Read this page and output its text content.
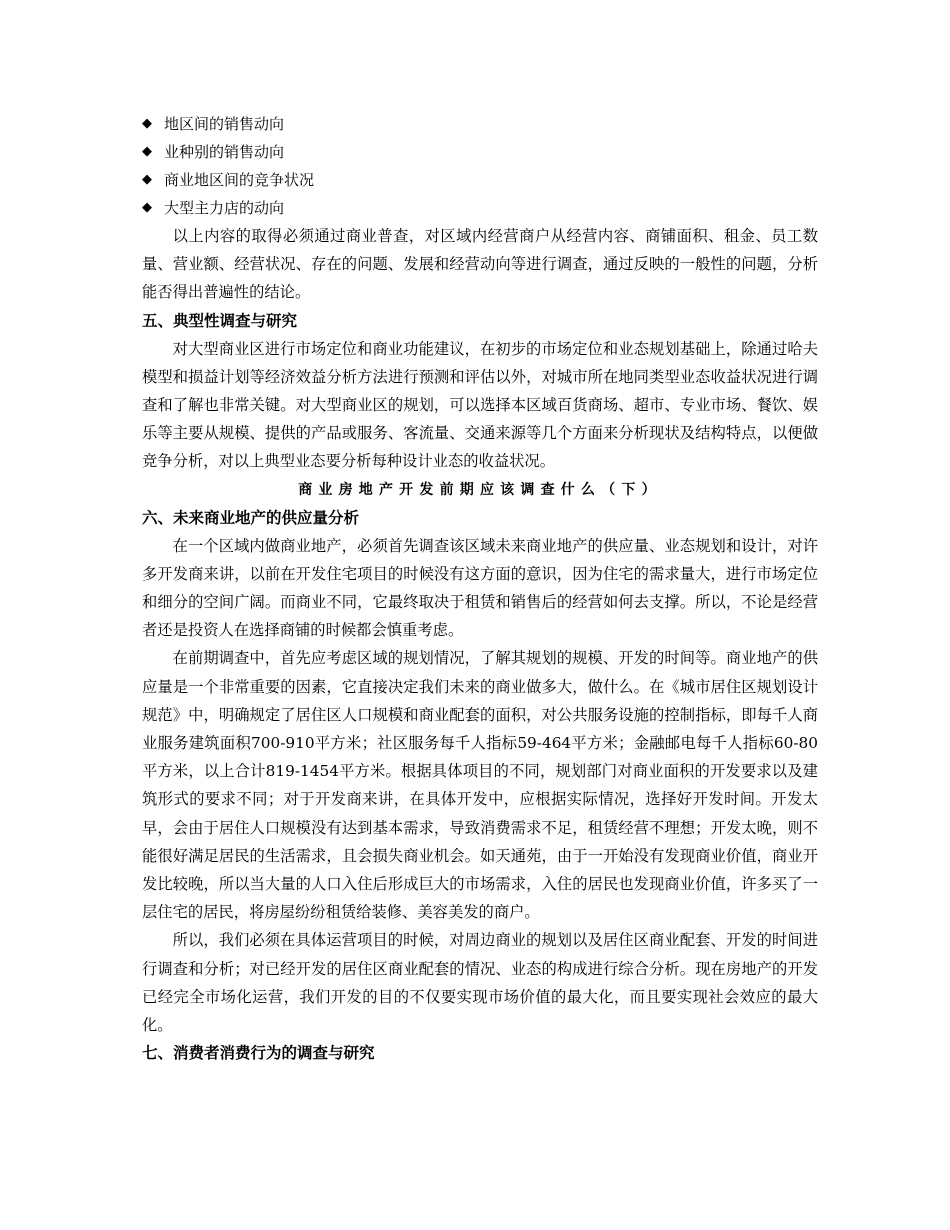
◆ 地区间的销售动向
◆ 业种别的销售动向
◆ 商业地区间的竞争状况
◆ 大型主力店的动向

以上内容的取得必须通过商业普查，对区域内经营商户从经营内容、商铺面积、租金、员工数量、营业额、经营状况、存在的问题、发展和经营动向等进行调查，通过反映的一般性的问题，分析能否得出普遍性的结论。

五、典型性调查与研究

对大型商业区进行市场定位和商业功能建议，在初步的市场定位和业态规划基础上，除通过哈夫模型和损益计划等经济效益分析方法进行预测和评估以外，对城市所在地同类型业态收益状况进行调查和了解也非常关键。对大型商业区的规划，可以选择本区域百货商场、超市、专业市场、餐饮、娱乐等主要从规模、提供的产品或服务、客流量、交通来源等几个方面来分析现状及结构特点，以便做竞争分析，对以上典型业态要分析每种设计业态的收益状况。

商业房地产开发前期应该调查什么（下）
六、未来商业地产的供应量分析

在一个区域内做商业地产，必须首先调查该区域未来商业地产的供应量、业态规划和设计，对许多开发商来讲，以前在开发住宅项目的时候没有这方面的意识，因为住宅的需求量大，进行市场定位和细分的空间广阔。而商业不同，它最终取决于租赁和销售后的经营如何去支撑。所以，不论是经营者还是投资人在选择商铺的时候都会慎重考虑。

在前期调查中，首先应考虑区域的规划情况，了解其规划的规模、开发的时间等。商业地产的供应量是一个非常重要的因素，它直接决定我们未来的商业做多大，做什么。在《城市居住区规划设计规范》中，明确规定了居住区人口规模和商业配套的面积，对公共服务设施的控制指标，即每千人商业服务建筑面积700-910平方米；社区服务每千人指标59-464平方米；金融邮电每千人指标60-80平方米，以上合计819-1454平方米。根据具体项目的不同，规划部门对商业面积的开发要求以及建筑形式的要求不同；对于开发商来讲，在具体开发中，应根据实际情况，选择好开发时间。开发太早，会由于居住人口规模没有达到基本需求，导致消费需求不足，租赁经营不理想；开发太晚，则不能很好满足居民的生活需求，且会损失商业机会。如天通苑，由于一开始没有发现商业价值，商业开发比较晚，所以当大量的人口入住后形成巨大的市场需求，入住的居民也发现商业价值，许多买了一层住宅的居民，将房屋纷纷租赁给装修、美容美发的商户。

所以，我们必须在具体运营项目的时候，对周边商业的规划以及居住区商业配套、开发的时间进行调查和分析；对已经开发的居住区商业配套的情况、业态的构成进行综合分析。现在房地产的开发已经完全市场化运营，我们开发的目的不仅要实现市场价值的最大化，而且要实现社会效应的最大化。

七、消费者消费行为的调查与研究
